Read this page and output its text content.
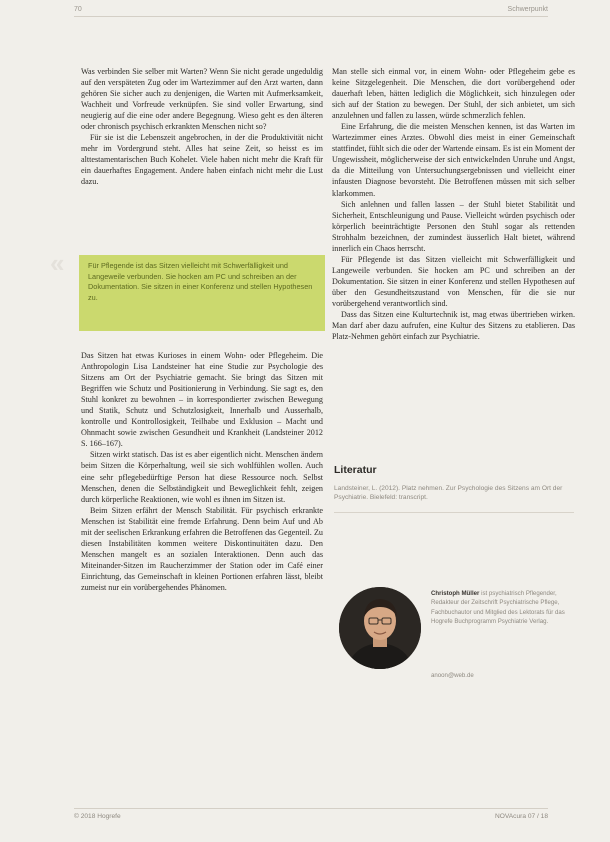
70	Schwerpunkt

Was verbinden Sie selber mit Warten? Wenn Sie nicht gerade ungeduldig auf den verspäteten Zug oder im Wartezimmer auf den Arzt warten, dann gehören Sie sicher auch zu denjenigen, die Warten mit Aufmerksamkeit, Wachheit und Vorfreude verknüpfen. Sie sind voller Erwartung, sind neugierig auf die eine oder andere Begegnung. Wieso geht es den älteren oder chronisch psychisch erkrankten Menschen nicht so?

Für sie ist die Lebenszeit angebrochen, in der die Produktivität nicht mehr im Vordergrund steht. Alles hat seine Zeit, so heisst es im alttestamentarischen Buch Kohelet. Viele haben nicht mehr die Kraft für ein dauerhaftes Engagement. Andere haben einfach nicht mehr die Lust dazu.

«	Für Pflegende ist das Sitzen vielleicht mit Schwerfälligkeit und Langeweile verbunden. Sie hocken am PC und schreiben an der Dokumentation. Sie sitzen in einer Konferenz und stellen Hypothesen zu.

Das Sitzen hat etwas Kurioses in einem Wohn- oder Pflegeheim. Die Anthropologin Lisa Landsteiner hat eine Studie zur Psychologie des Sitzens am Ort der Psychiatrie gemacht. Sie bringt das Sitzen mit Begriffen wie Schutz und Positionierung in Verbindung. Sie sagt es, den Stuhl konkret zu bewohnen – in korrespondierter zwischen Bewegung und Statik, Schutz und Schutzlosigkeit, Innerhalb und Ausserhalb, kontrolle und Kontrollosigkeit, Teilhabe und Exklusion – Macht und Ohnmacht sowie zwischen Gesundheit und Krankheit (Landsteiner 2012 S. 166–167).

Sitzen wirkt statisch. Das ist es aber eigentlich nicht. Menschen ändern beim Sitzen die Körperhaltung, weil sie sich wohlfühlen wollen. Auch eine sehr pflegebedürftige Person hat diese Ressource noch. Selbst Menschen, denen die Selbständigkeit und Beweglichkeit fehlt, zeigen durch körperliche Reaktionen, wie wohl es ihnen im Sitzen ist.

Beim Sitzen erfährt der Mensch Stabilität. Für psychisch erkrankte Menschen ist Stabilität eine fremde Erfahrung. Denn beim Auf und Ab mit der seelischen Erkrankung erfahren die Betroffenen das Gegenteil. Zu diesen Instabilitäten kommen weitere Diskontinuitäten dazu. Den Menschen mangelt es an sozialen Interaktionen. Denn auch das Miteinander-Sitzen im Raucherzimmer der Station oder im Café einer Einrichtung, das Gemeinschaft in kleinen Portionen erfahren lässt, bleibt zumeist nur ein vorübergehendes Phänomen.

Man stelle sich einmal vor, in einem Wohn- oder Pflegeheim gebe es keine Sitzgelegenheit. Die Menschen, die dort vorübergehend oder dauerhaft leben, hätten lediglich die Möglichkeit, sich hinzulegen oder sich auf der Station zu bewegen. Der Stuhl, der sich anbietet, um sich anzulehnen und fallen zu lassen, würde schmerzlich fehlen.

Eine Erfahrung, die die meisten Menschen kennen, ist das Warten im Wartezimmer eines Arztes. Obwohl dies meist in einer Gemeinschaft stattfindet, fühlt sich die oder der Wartende einsam. Es ist ein Moment der Ungewissheit, möglicherweise der sich entwickelnden Unruhe und Angst, da die Mitteilung von Untersuchungsergebnissen und vielleicht einer infausten Diagnose bevorsteht. Die Betroffenen müssen mit sich selber klarkommen.

Sich anlehnen und fallen lassen – der Stuhl bietet Stabilität und Sicherheit, Entschleunigung und Pause. Vielleicht würden psychisch oder körperlich beeinträchtigte Personen den Stuhl sogar als rettenden Strohhalm bezeichnen, der zumindest äusserlich Halt bietet, während innerlich ein Chaos herrscht.

Für Pflegende ist das Sitzen vielleicht mit Schwerfälligkeit und Langeweile verbunden. Sie hocken am PC und schreiben an der Dokumentation. Sie sitzen in einer Konferenz und stellen Hypothesen auf über den Gesundheitszustand von Menschen, für die sie nur vorübergehend verantwortlich sind.

Dass das Sitzen eine Kulturtechnik ist, mag etwas übertrieben wirken. Man darf aber dazu aufrufen, eine Kultur des Sitzens zu etablieren. Das Platz-Nehmen gehört einfach zur Psychiatrie.

Literatur
Landsteiner, L. (2012). Platz nehmen. Zur Psychologie des Sitzens am Ort der Psychiatrie. Bielefeld: transcript.
Christoph Müller ist psychiatrisch Pflegender, Redakteur der Zeitschrift Psychiatrische Pflege, Fachbuchautor und Mitglied des Lektorats für das Hogrefe Buchprogramm Psychiatrie Verlag.
anoon@web.de
© 2018 Hogrefe	NOVAcura 07 / 18
